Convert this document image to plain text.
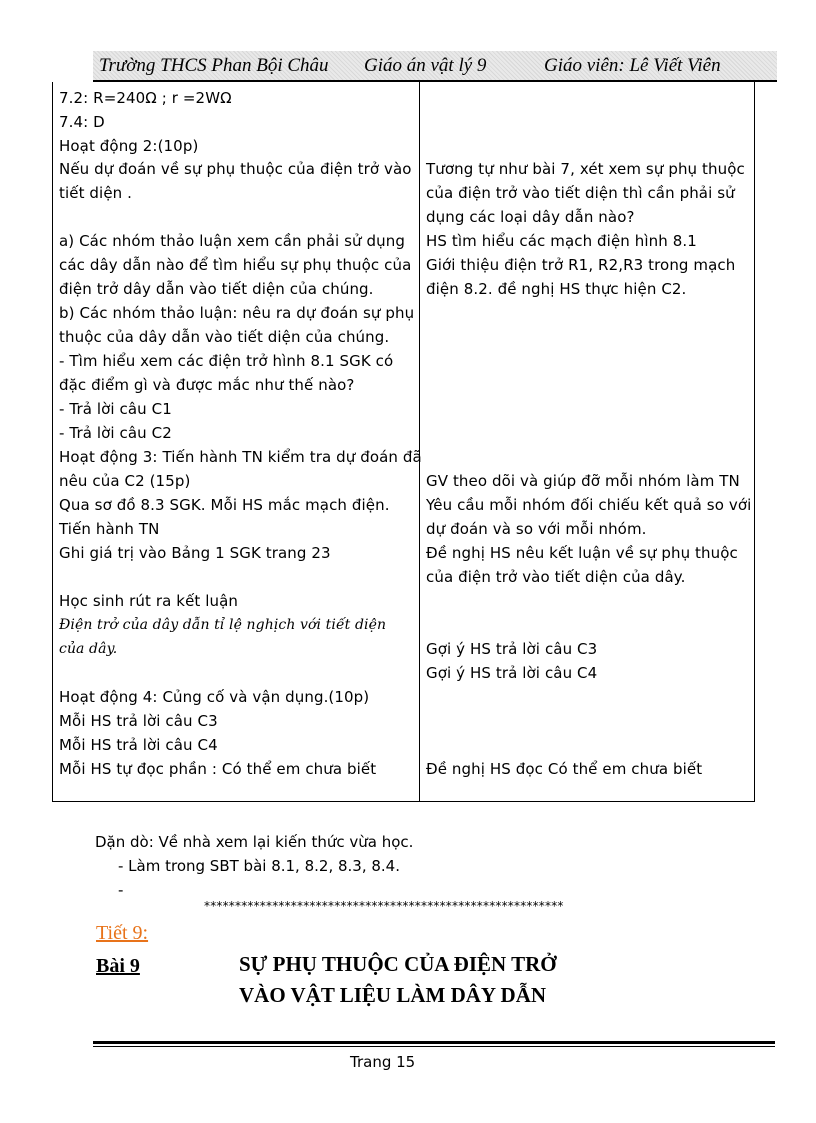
Trường THCS Phan Bội Châu Giáo án vật lý 9	Giáo viên: Lê Viết Viên
7.2: R=240Ω ; r =2WΩ
7.4: D
Hoạt động 2:(10p)
Nếu dự đoán về sự phụ thuộc của điện trở vào
tiết diện .
a) Các nhóm thảo luận xem cần phải sử dụng
các dây dẫn nào để tìm hiểu sự phụ thuộc của
điện trở dây dẫn vào tiết diện của chúng.
b) Các nhóm thảo luận: nêu ra dự đoán sự phụ
thuộc của dây dẫn vào tiết diện của chúng.
- Tìm hiểu xem các điện trở hình 8.1 SGK có
đặc điểm gì và được mắc như thế nào?
- Trả lời câu C1
- Trả lời câu C2
Hoạt động 3: Tiến hành TN kiểm tra dự đoán đã
nêu của C2 (15p)
Qua sơ đồ 8.3 SGK. Mỗi HS mắc mạch điện.
Tiến hành TN
Ghi giá trị vào Bảng 1 SGK trang 23
Học sinh rút ra kết luận
Điện trở của dây dẫn tỉ lệ nghịch với tiết diện
của dây.
Hoạt động 4: Củng cố và vận dụng.(10p)
Mỗi HS trả lời câu C3
Mỗi HS trả lời câu C4
Mỗi HS tự đọc phần : Có thể em chưa biết
Tương tự như bài 7, xét xem sự phụ thuộc
của điện trở vào tiết diện thì cần phải sử
dụng các loại dây dẫn nào?
HS tìm hiểu các mạch điện hình 8.1
Giới thiệu điện trở R1, R2,R3 trong mạch
điện 8.2. đề nghị HS thực hiện C2.
GV theo dõi và giúp đỡ mỗi nhóm làm TN
Yêu cầu mỗi nhóm đối chiếu kết quả so với
dự đoán và so với mỗi nhóm.
Đề nghị HS nêu kết luận về sự phụ thuộc
của điện trở vào tiết diện của dây.
Gợi ý HS trả lời câu C3
Gợi ý HS trả lời câu C4
Đề nghị HS đọc Có thể em chưa biết
Dặn dò: Về nhà xem lại kiến thức vừa học.
- Làm trong SBT bài 8.1, 8.2, 8.3, 8.4.
-
**********************************************************
Tiết 9:
Bài 9	SỰ PHỤ THUỘC CỦA ĐIỆN TRỞ
VÀO VẬT LIỆU LÀM DÂY DẪN
Trang 15
